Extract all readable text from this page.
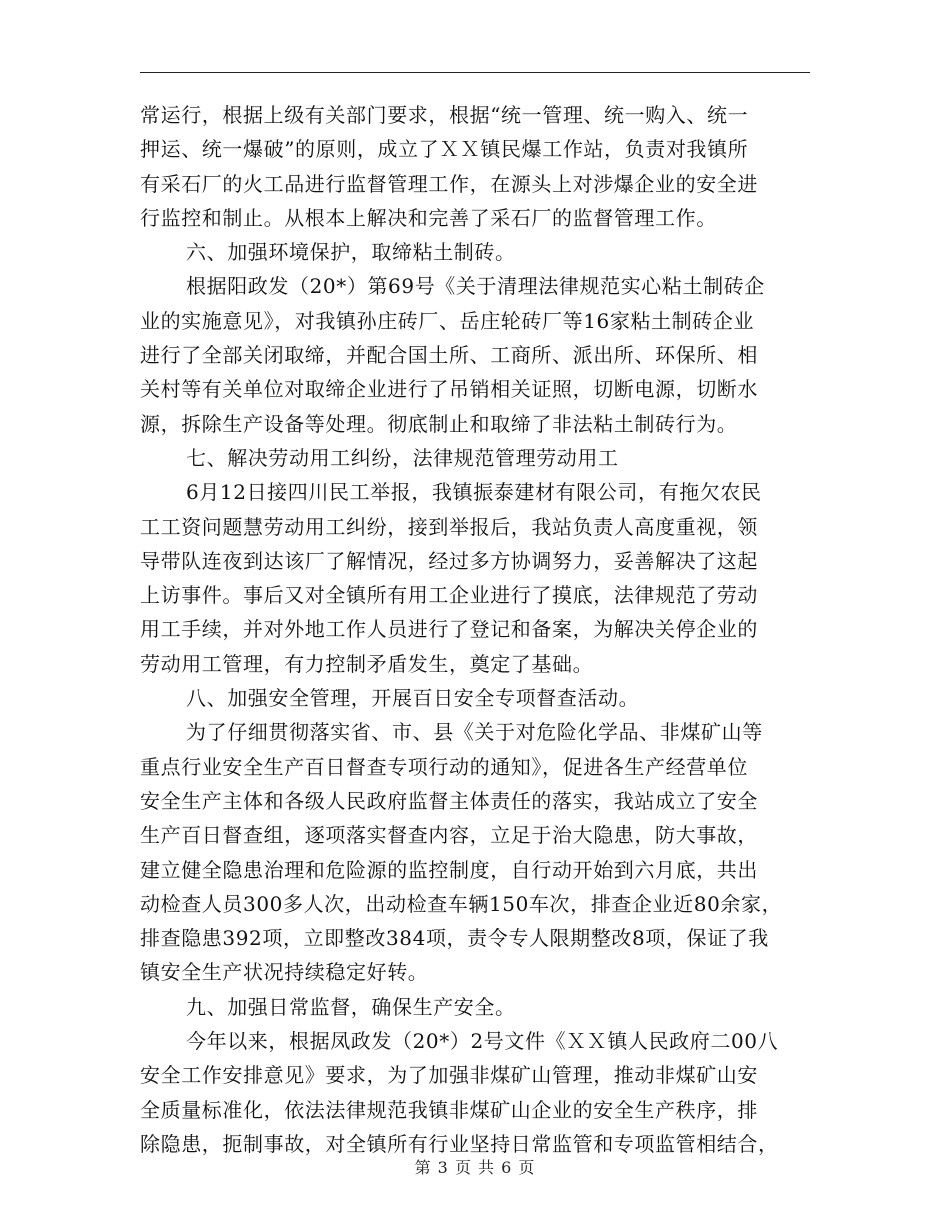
常运行，根据上级有关部门要求，根据“统一管理、统一购入、统一
押运、统一爆破”的原则，成立了ＸＸ镇民爆工作站，负责对我镇所
有采石厂的火工品进行监督管理工作，在源头上对涉爆企业的安全进
行监控和制止。从根本上解决和完善了采石厂的监督管理工作。
六、加强环境保护，取缔粘土制砖。
根据阳政发（20*）第69号《关于清理法律规范实心粘土制砖企
业的实施意见》，对我镇孙庄砖厂、岳庄轮砖厂等16家粘土制砖企业
进行了全部关闭取缔，并配合国土所、工商所、派出所、环保所、相
关村等有关单位对取缔企业进行了吊销相关证照，切断电源，切断水
源，拆除生产设备等处理。彻底制止和取缔了非法粘土制砖行为。
七、解决劳动用工纠纷，法律规范管理劳动用工
6月12日接四川民工举报，我镇振泰建材有限公司，有拖欠农民
工工资问题慧劳动用工纠纷，接到举报后，我站负责人高度重视，领
导带队连夜到达该厂了解情况，经过多方协调努力，妥善解决了这起
上访事件。事后又对全镇所有用工企业进行了摸底，法律规范了劳动
用工手续，并对外地工作人员进行了登记和备案，为解决关停企业的
劳动用工管理，有力控制矛盾发生，奠定了基础。
八、加强安全管理，开展百日安全专项督查活动。
为了仔细贯彻落实省、市、县《关于对危险化学品、非煤矿山等
重点行业安全生产百日督查专项行动的通知》，促进各生产经营单位
安全生产主体和各级人民政府监督主体责任的落实，我站成立了安全
生产百日督查组，逐项落实督查内容，立足于治大隐患，防大事故，
建立健全隐患治理和危险源的监控制度，自行动开始到六月底，共出
动检查人员300多人次，出动检查车辆150车次，排查企业近80余家，
排查隐患392项，立即整改384项，责令专人限期整改8项，保证了我
镇安全生产状况持续稳定好转。
九、加强日常监督，确保生产安全。
今年以来，根据凤政发（20*）2号文件《ＸＸ镇人民政府二00八
安全工作安排意见》要求，为了加强非煤矿山管理，推动非煤矿山安
全质量标准化，依法法律规范我镇非煤矿山企业的安全生产秩序，排
除隐患，扼制事故，对全镇所有行业坚持日常监管和专项监管相结合，
第 3 页 共 6 页
